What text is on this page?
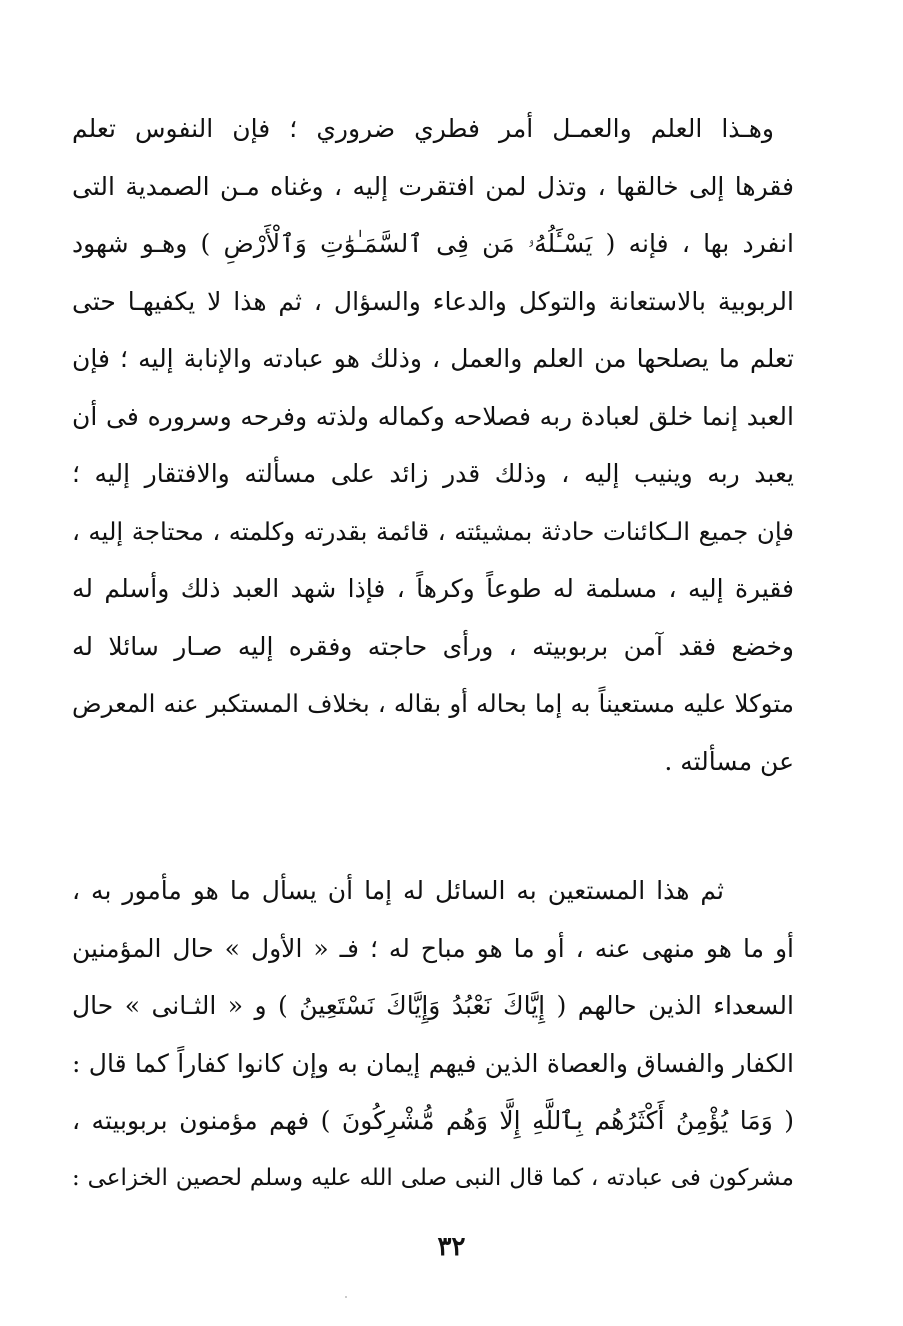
وهـذا العلم والعمـل أمر فطري ضروري ؛ فإن النفوس تعلم
فقرها إلى خالقها ، وتذل لمن افتقرت إليه ، وغناه مـن الصمدية التى
انفرد بها ، فإنه ( يَسْـَٔلُهُۥ مَن فِى ٱلسَّمَـٰوَٰتِ وَٱلْأَرْضِ ) وهـو شهود
الربوبية بالاستعانة والتوكل والدعاء والسؤال ، ثم هذا لا يكفيهـا حتى
تعلم ما يصلحها من العلم والعمل ، وذلك هو عبادته والإنابة إليه ؛ فإن
العبد إنما خلق لعبادة ربه فصلاحه وكماله ولذته وفرحه وسروره فى أن
يعبد ربه وينيب إليه ، وذلك قدر زائد على مسألته والافتقار إليه ؛
فإن جميع الـكائنات حادثة بمشيئته ، قائمة بقدرته وكلمته ، محتاجة إليه ،
فقيرة إليه ، مسلمة له طوعاً وكرهاً ، فإذا شهد العبد ذلك وأسلم له
وخضع فقد آمن بربوبيته ، ورأى حاجته وفقره إليه صـار سائلا له
متوكلا عليه مستعيناً به إما بحاله أو بقاله ، بخلاف المستكبر عنه المعرض
عن مسألته .
ثم هذا المستعين به السائل له إما أن يسأل ما هو مأمور به ،
أو ما هو منهى عنه ، أو ما هو مباح له ؛ فـ « الأول » حال المؤمنين
السعداء الذين حالهم ( إِيَّاكَ نَعْبُدُ وَإِيَّاكَ نَسْتَعِينُ ) و « الثـانى » حال
الكفار والفساق والعصاة الذين فيهم إيمان به وإن كانوا كفاراً كما قال :
( وَمَا يُؤْمِنُ أَكْثَرُهُم بِٱللَّهِ إِلَّا وَهُم مُّشْرِكُونَ ) فهم مؤمنون بربوبيته ،
مشركون فى عبادته ، كما قال النبى صلى الله عليه وسلم لحصين الخزاعى :
٣٢
